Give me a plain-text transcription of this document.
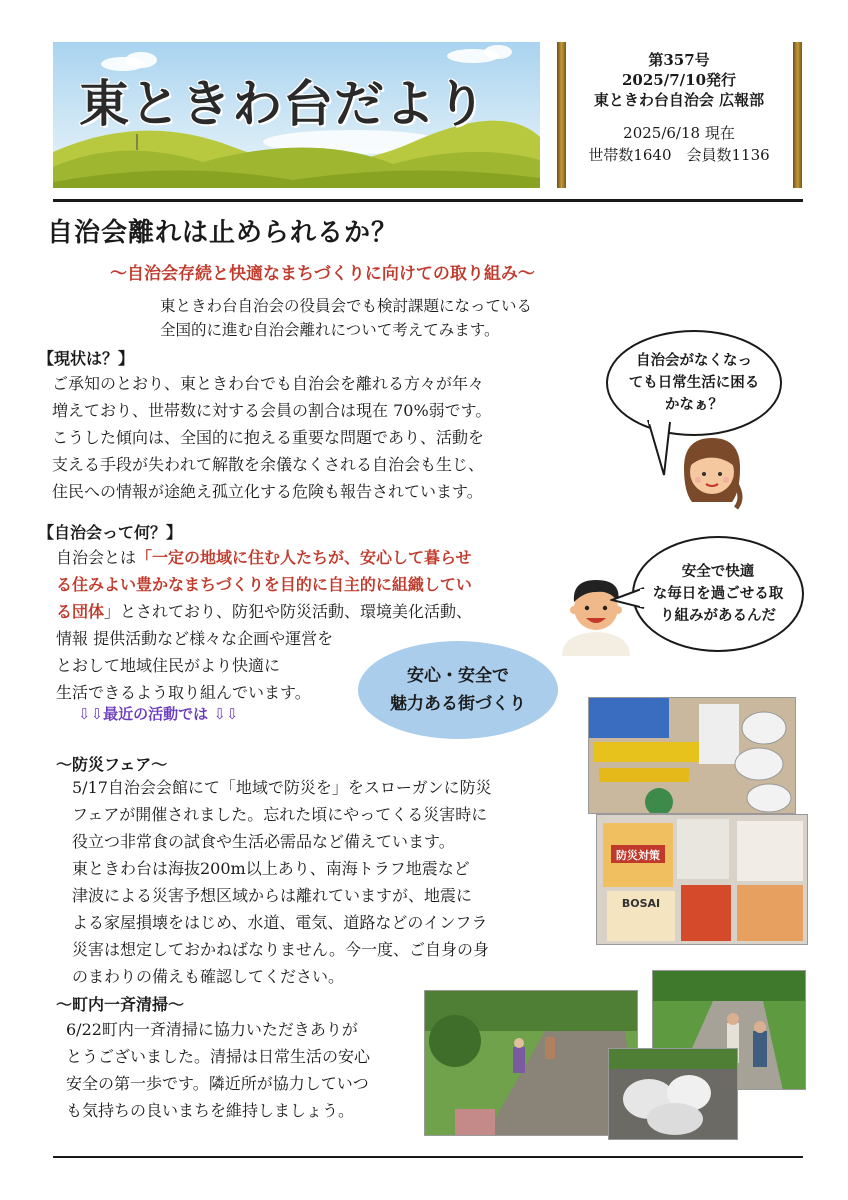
東ときわ台だより
第357号
2025/7/10発行
東ときわ台自治会 広報部
2025/6/18 現在
世帯数1640　会員数1136
自治会離れは止められるか？
～自治会存続と快適なまちづくりに向けての取り組み～
東ときわ台自治会の役員会でも検討課題になっている
全国的に進む自治会離れについて考えてみます。
【現状は？】
ご承知のとおり、東ときわ台でも自治会を離れる方々が年々
増えており、世帯数に対する会員の割合は現在 70%弱です。
こうした傾向は、全国的に抱える重要な問題であり、活動を
支える手段が失われて解散を余儀なくされる自治会も生じ、
住民への情報が途絶え孤立化する危険も報告されています。
自治会がなくなっ
ても日常生活に困る
かなぁ？
【自治会って何？】
自治会とは「一定の地域に住む人たちが、安心して暮らせ
る住みよい豊かなまちづくりを目的に自主的に組織してい
る団体」とされており、防犯や防災活動、環境美化活動、
情報 提供活動など様々な企画や運営を
とおして地域住民がより快適に
生活できるよう取り組んでいます。
安全で快適
な毎日を過ごせる取
り組みがあるんだ
安心・安全で
魅力ある街づくり
⇩⇩最近の活動では ⇩⇩
～防災フェア～
5/17自治会会館にて「地域で防災を」をスローガンに防災
フェアが開催されました。忘れた頃にやってくる災害時に
役立つ非常食の試食や生活必需品など備えています。
東ときわ台は海抜200m以上あり、南海トラフ地震など
津波による災害予想区域からは離れていますが、地震に
よる家屋損壊をはじめ、水道、電気、道路などのインフラ
災害は想定しておかねばなりません。今一度、ご自身の身
のまわりの備えも確認してください。
防災対策
BOSAI
～町内一斉清掃～
6/22町内一斉清掃に協力いただきありが
とうございました。清掃は日常生活の安心
安全の第一歩です。隣近所が協力していつ
も気持ちの良いまちを維持しましょう。
